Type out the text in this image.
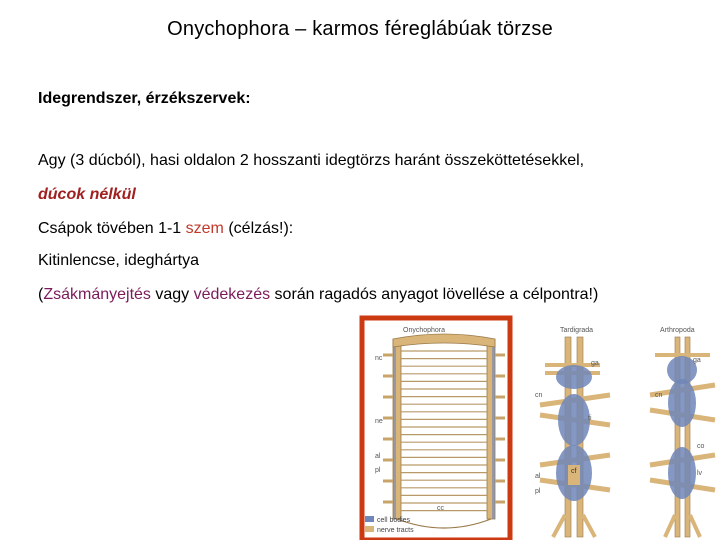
Onychophora – karmos féreglábúak törzse
Idegrendszer, érzékszervek:
Agy (3 dúcból), hasi oldalon 2 hosszanti idegtörzs haránt összeköttetésekkel,
dúcok nélkül
Csápok tövében 1-1 szem (célzás!):
Kitinlencse, ideghártya
(Zsákmányejtés vagy védekezés során ragadós anyagot lövellése a célpontra!)
Onychophora
nc
ne
al
pl
cc
cell bodies
nerve tracts
Tardigrada
ga
cn
ti
al
pl
cf
Arthropoda
ga
cn
co
lv
